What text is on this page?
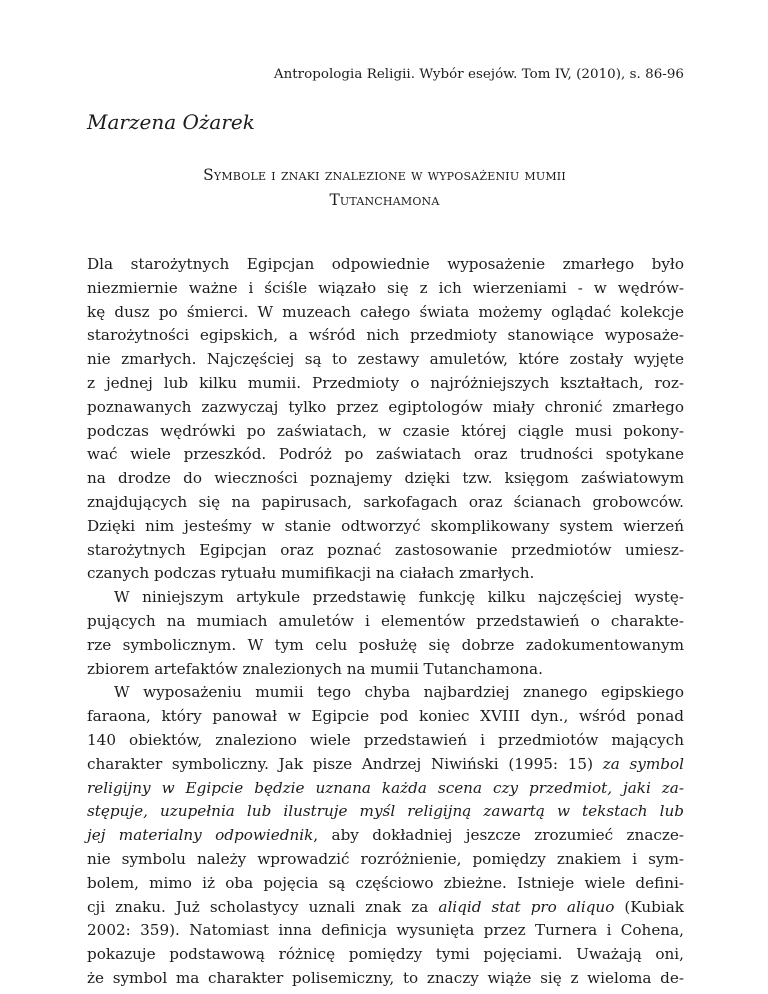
Antropologia Religii. Wybór esejów. Tom IV, (2010), s. 86-96
Marzena Ożarek
Symbole i znaki znalezione w wyposażeniu mumii
Tutanchamona
Dla starożytnych Egipcjan odpowiednie wyposażenie zmarłego było
niezmiernie ważne i ściśle wiązało się z ich wierzeniami - w wędrów-
kę dusz po śmierci. W muzeach całego świata możemy oglądać kolekcje
starożytności egipskich, a wśród nich przedmioty stanowiące wyposaże-
nie zmarłych. Najczęściej są to zestawy amuletów, które zostały wyjęte
z jednej lub kilku mumii. Przedmioty o najróżniejszych kształtach, roz-
poznawanych zazwyczaj tylko przez egiptologów miały chronić zmarłego
podczas wędrówki po zaświatach, w czasie której ciągle musi pokony-
wać wiele przeszkód. Podróż po zaświatach oraz trudności spotykane
na drodze do wieczności poznajemy dzięki tzw. księgom zaświatowym
znajdujących się na papirusach, sarkofagach oraz ścianach grobowców.
Dzięki nim jesteśmy w stanie odtworzyć skomplikowany system wierzeń
starożytnych Egipcjan oraz poznać zastosowanie przedmiotów umiesz-
czanych podczas rytuału mumifikacji na ciałach zmarłych.
W niniejszym artykule przedstawię funkcję kilku najczęściej wystę-
pujących na mumiach amuletów i elementów przedstawień o charakte-
rze symbolicznym. W tym celu posłużę się dobrze zadokumentowanym
zbiorem artefaktów znalezionych na mumii Tutanchamona.
W wyposażeniu mumii tego chyba najbardziej znanego egipskiego
faraona, który panował w Egipcie pod koniec XVIII dyn., wśród ponad
140 obiektów, znaleziono wiele przedstawień i przedmiotów mających
charakter symboliczny. Jak pisze Andrzej Niwiński (1995: 15) za symbol
religijny w Egipcie będzie uznana każda scena czy przedmiot, jaki za-
stępuje, uzupełnia lub ilustruje myśl religijną zawartą w tekstach lub
jej materialny odpowiednik, aby dokładniej jeszcze zrozumieć znacze-
nie symbolu należy wprowadzić rozróżnienie, pomiędzy znakiem i sym-
bolem, mimo iż oba pojęcia są częściowo zbieżne. Istnieje wiele defini-
cji znaku. Już scholastycy uznali znak za aliqid stat pro aliquo (Kubiak
2002: 359). Natomiast inna definicja wysunięta przez Turnera i Cohena,
pokazuje podstawową różnicę pomiędzy tymi pojęciami. Uważają oni,
że symbol ma charakter polisemiczny, to znaczy wiąże się z wieloma de-
